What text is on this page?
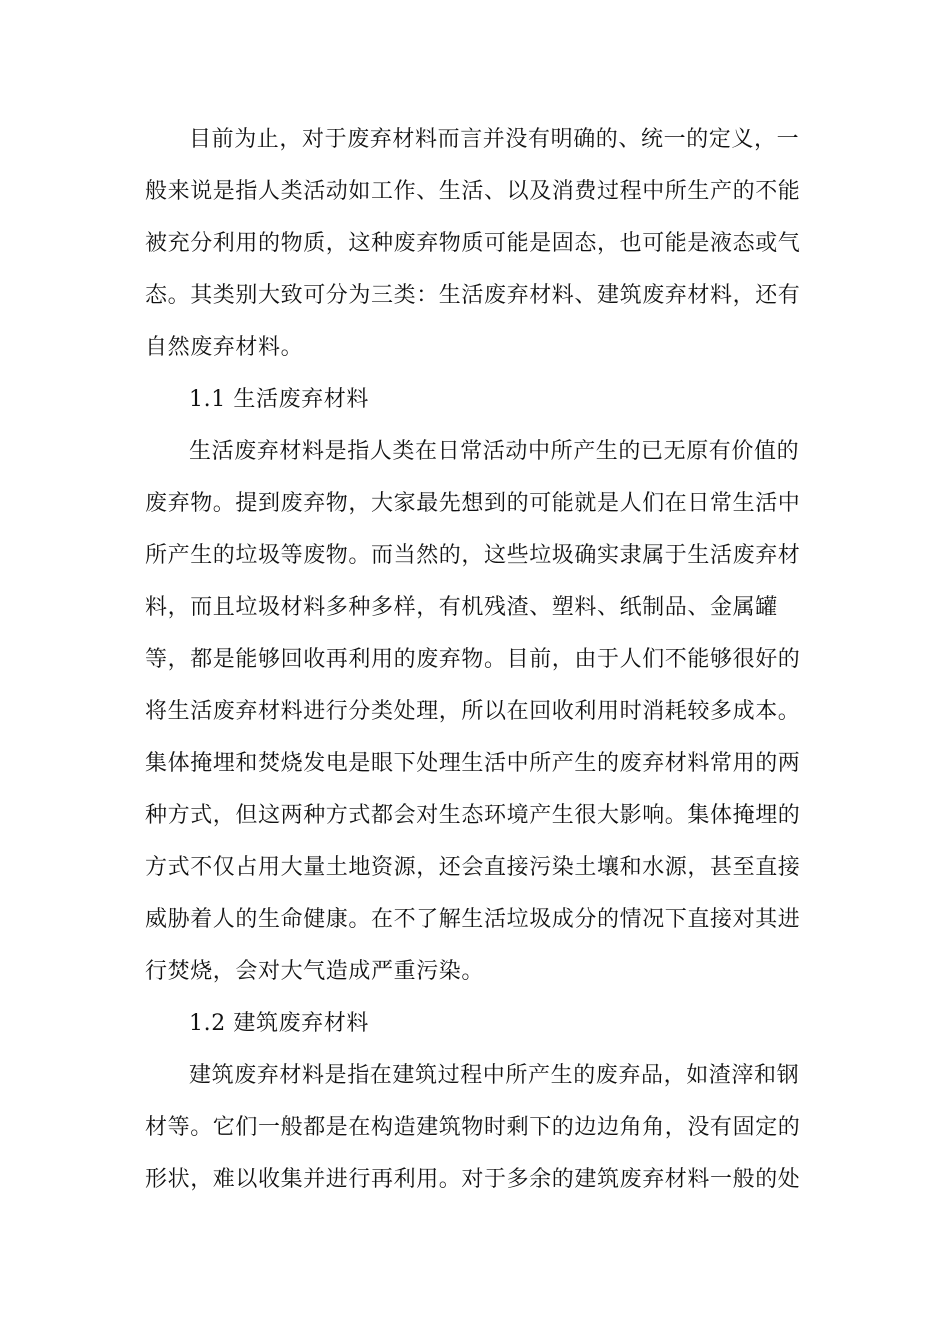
目前为止，对于废弃材料而言并没有明确的、统一的定义，一
般来说是指人类活动如工作、生活、以及消费过程中所生产的不能
被充分利用的物质，这种废弃物质可能是固态，也可能是液态或气
态。其类别大致可分为三类：生活废弃材料、建筑废弃材料，还有
自然废弃材料。
1.1 生活废弃材料
生活废弃材料是指人类在日常活动中所产生的已无原有价值的
废弃物。提到废弃物，大家最先想到的可能就是人们在日常生活中
所产生的垃圾等废物。而当然的，这些垃圾确实隶属于生活废弃材
料，而且垃圾材料多种多样，有机残渣、塑料、纸制品、金属罐
等，都是能够回收再利用的废弃物。目前，由于人们不能够很好的
将生活废弃材料进行分类处理，所以在回收利用时消耗较多成本。
集体掩埋和焚烧发电是眼下处理生活中所产生的废弃材料常用的两
种方式，但这两种方式都会对生态环境产生很大影响。集体掩埋的
方式不仅占用大量土地资源，还会直接污染土壤和水源，甚至直接
威胁着人的生命健康。在不了解生活垃圾成分的情况下直接对其进
行焚烧，会对大气造成严重污染。
1.2 建筑废弃材料
建筑废弃材料是指在建筑过程中所产生的废弃品，如渣滓和钢
材等。它们一般都是在构造建筑物时剩下的边边角角，没有固定的
形状，难以收集并进行再利用。对于多余的建筑废弃材料一般的处
